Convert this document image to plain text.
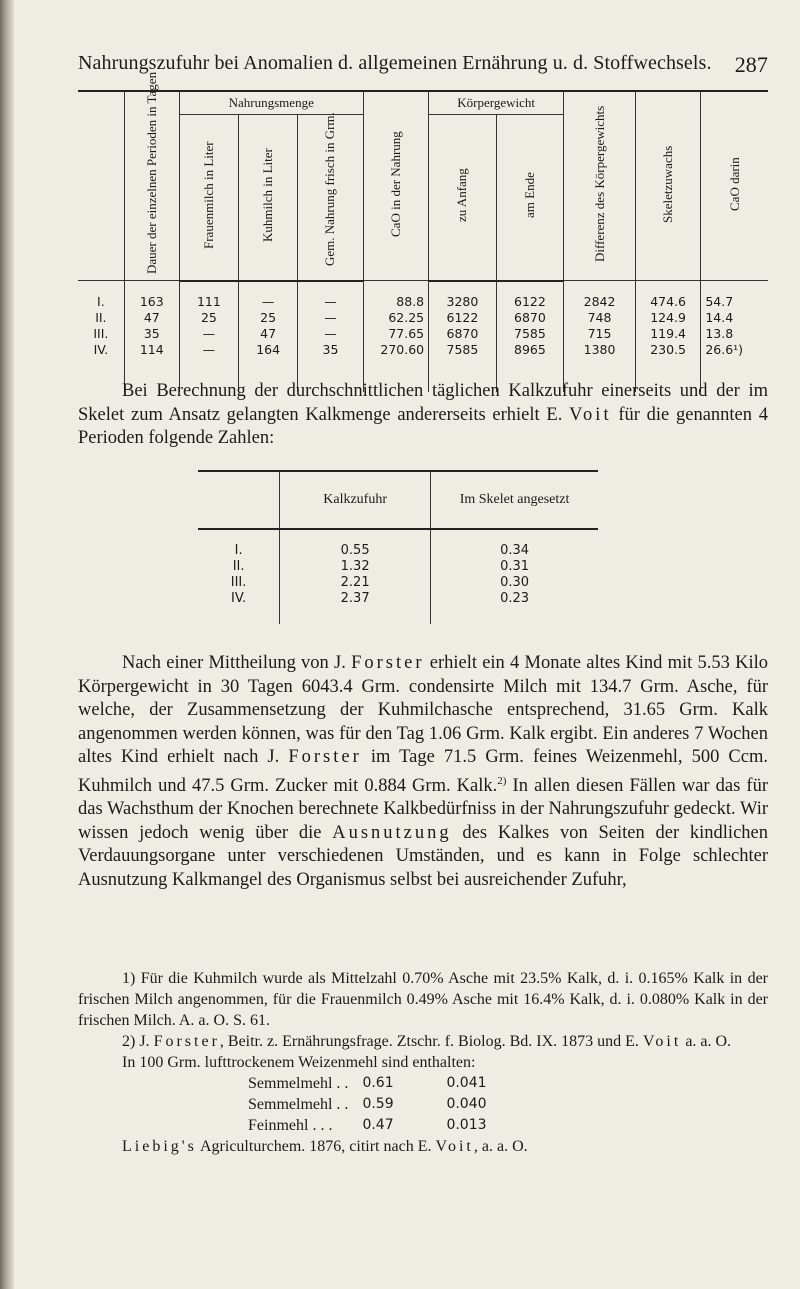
Nahrungszufuhr bei Anomalien d. allgemeinen Ernährung u. d. Stoffwechsels. 287
	Dauer der einzelnen Perioden in Tagen	Nahrungsmenge			CaO in der Nahrung	Körpergewicht		Differenz des Körpergewichts	Skeletzuwachs	CaO darin
		Frauenmilch in Liter	Kuhmilch in Liter	Gem. Nahrung frisch in Grm.		zu Anfang	am Ende			
I.	163	111	—	—	88.8	3280	6122	2842	474.6	54.7
II.	47	25	25	—	62.25	6122	6870	748	124.9	14.4
III.	35	—	47	—	77.65	6870	7585	715	119.4	13.8
IV.	114	—	164	35	270.60	7585	8965	1380	230.5	26.6¹)

Bei Berechnung der durchschnittlichen täglichen Kalkzufuhr einerseits und der im Skelet zum Ansatz gelangten Kalkmenge andererseits erhielt E. Voit für die genannten 4 Perioden folgende Zahlen:

	Kalkzufuhr	Im Skelet angesetzt
I.	0.55	0.34
II.	1.32	0.31
III.	2.21	0.30
IV.	2.37	0.23

Nach einer Mittheilung von J. Forster erhielt ein 4 Monate altes Kind mit 5.53 Kilo Körpergewicht in 30 Tagen 6043.4 Grm. condensirte Milch mit 134.7 Grm. Asche, für welche, der Zusammensetzung der Kuhmilchasche entsprechend, 31.65 Grm. Kalk angenommen werden können, was für den Tag 1.06 Grm. Kalk ergibt. Ein anderes 7 Wochen altes Kind erhielt nach J. Forster im Tage 71.5 Grm. feines Weizenmehl, 500 Ccm. Kuhmilch und 47.5 Grm. Zucker mit 0.884 Grm. Kalk.$^{2)}$ In allen diesen Fällen war das für das Wachsthum der Knochen berechnete Kalkbedürfniss in der Nahrungszufuhr gedeckt. Wir wissen jedoch wenig über die Ausnutzung des Kalkes von Seiten der kindlichen Verdauungsorgane unter verschiedenen Umständen, und es kann in Folge schlechter Ausnutzung Kalkmangel des Organismus selbst bei ausreichender Zufuhr,

1) Für die Kuhmilch wurde als Mittelzahl 0.70% Asche mit 23.5% Kalk, d. i. 0.165% Kalk in der frischen Milch angenommen, für die Frauenmilch 0.49% Asche mit 16.4% Kalk, d. i. 0.080% Kalk in der frischen Milch. A. a. O. S. 61.

2) J. Forster, Beitr. z. Ernährungsfrage. Ztschr. f. Biolog. Bd. IX. 1873 und E. Voit a. a. O.

In 100 Grm. lufttrockenem Weizenmehl sind enthalten:

Semmelmehl . .	0.61	0.041
Semmelmehl . .	0.59	0.040
Feinmehl . . .	0.47	0.013

Liebig's Agriculturchem. 1876, citirt nach E. Voit, a. a. O.
